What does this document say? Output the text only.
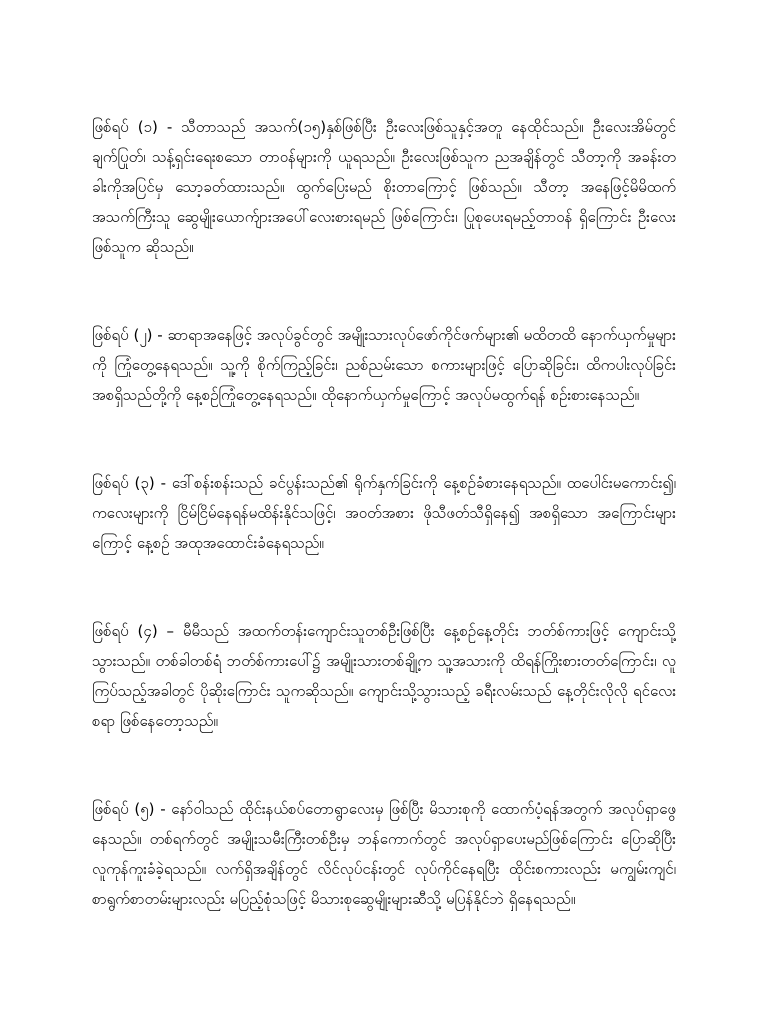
ဖြစ်ရပ် (၁) - သီတာသည် အသက်(၁၅)နှစ်ဖြစ်ပြီး ဦးလေးဖြစ်သူနှင့်အတူ နေထိုင်သည်။ ဦးလေးအိမ်တွင် ချက်ပြုတ်၊ သန့်ရှင်းရေးစသော တာဝန်များကို ယူရသည်။ ဦးလေးဖြစ်သူက ညအချိန်တွင် သီတာ့ကို အခန်းတခါးကိုအပြင်မှ သော့ခတ်ထားသည်။ ထွက်ပြေးမည် စိုးတာကြောင့် ဖြစ်သည်။ သီတာ့ အနေဖြင့်မိမိထက် အသက်ကြီးသူ ဆွေမျိုးယောက်ျားအပေါ်လေးစားရမည် ဖြစ်ကြောင်း၊ ပြုစုပေးရမည့်တာဝန် ရှိကြောင်း ဦးလေးဖြစ်သူက ဆိုသည်။

ဖြစ်ရပ် (၂) - ဆာရာအနေဖြင့် အလုပ်ခွင်တွင် အမျိုးသားလုပ်ဖော်ကိုင်ဖက်များ၏ မထိတထိ နောက်ယှက်မှုများကို ကြုံတွေ့နေရသည်။ သူ့ကို စိုက်ကြည့်ခြင်း၊ ညစ်ညမ်းသော စကားများဖြင့် ပြောဆိုခြင်း၊ ထိကပါးလုပ်ခြင်း အစရှိသည်တို့ကို နေ့စဉ်ကြုံတွေ့နေရသည်။ ထိုနောက်ယှက်မှုကြောင့် အလုပ်မထွက်ရန် စဉ်းစားနေသည်။

ဖြစ်ရပ် (၃) - ဒေါ်စန်းစန်းသည် ခင်ပွန်းသည်၏ ရိုက်နှက်ခြင်းကို နေ့စဉ်ခံစားနေရသည်။ ထပေါင်းမကောင်း၍၊ ကလေးများကို ငြိမ်ငြိမ်နေရန်မထိန်းနိုင်သဖြင့်၊ အဝတ်အစား ဖိုသီဖတ်သီရှိနေ၍ အစရှိသော အကြောင်းများကြောင့် နေ့စဉ် အထုအထောင်းခံနေရသည်။

ဖြစ်ရပ် (၄) – မီမီသည် အထက်တန်းကျောင်းသူတစ်ဦးဖြစ်ပြီး နေ့စဉ်နေ့တိုင်း ဘတ်စ်ကားဖြင့် ကျောင်းသို့ သွားသည်။ တစ်ခါတစ်ရံ ဘတ်စ်ကားပေါ်၌ အမျိုးသားတစ်ချို့က သူ့အသားကို ထိရန်ကြိုးစားတတ်ကြောင်း၊ လူကြပ်သည့်အခါတွင် ပိုဆိုးကြောင်း သူကဆိုသည်။ ကျောင်းသို့သွားသည့် ခရီးလမ်းသည် နေ့တိုင်းလိုလို ရင်လေးစရာ ဖြစ်နေတော့သည်။

ဖြစ်ရပ် (၅) - နော်ဝါသည် ထိုင်းနယ်စပ်တောရွာလေးမှ ဖြစ်ပြီး မိသားစုကို ထောက်ပံ့ရန်အတွက် အလုပ်ရှာဖွေနေသည်။ တစ်ရက်တွင် အမျိုးသမီးကြီးတစ်ဦးမှ ဘန်ကောက်တွင် အလုပ်ရှာပေးမည်ဖြစ်ကြောင်း ပြောဆိုပြီး လူကုန်ကူးခံခဲ့ရသည်။ လက်ရှိအချိန်တွင် လိင်လုပ်ငန်းတွင် လုပ်ကိုင်နေရပြီး ထိုင်းစကားလည်း မကျွမ်းကျင်၊ စာရွက်စာတမ်းများလည်း မပြည့်စုံသဖြင့် မိသားစုဆွေမျိုးများဆီသို့ မပြန်နိုင်ဘဲ ရှိနေရသည်။
